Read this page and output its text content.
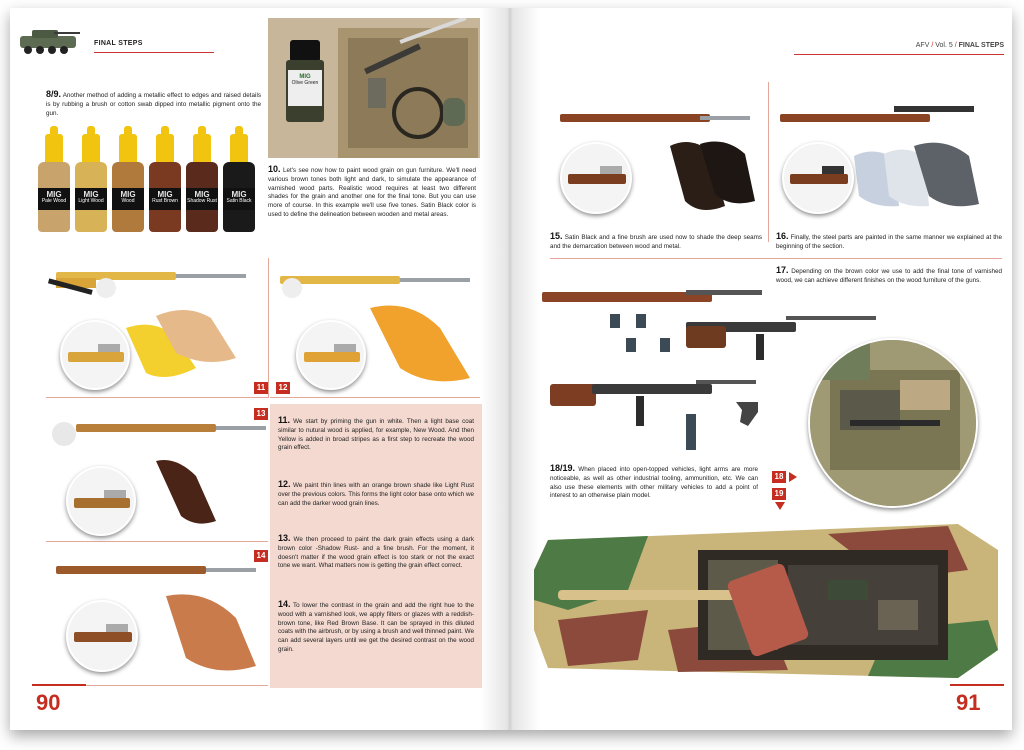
FINAL STEPS
8/9. Another method of adding a metallic effect to edges and raised details is by rubbing a brush or cotton swab dipped into metallic pigment onto the gun.
MIG
Pale Wood
MIG
Light Wood
MIG
Wood
MIG
Rust Brown
MIG
Shadow Rust
MIG
Satin Black
MIG
Olive Green
10. Let's see now how to paint wood grain on gun furniture. We'll need various brown tones both light and dark, to simulate the appearance of varnished wood parts. Realistic wood requires at least two different shades for the grain and another one for the final tone. But you can use more of course. In this example we'll use five tones. Satin Black color is used to define the delineation between wooden and metal areas.
11	12
13
14
11. We start by priming the gun in white. Then a light base coat similar to nutural wood is applied, for example, New Wood. And then Yellow is added in broad stripes as a first step to recreate the wood grain effect.
12. We paint thin lines with an orange brown shade like Light Rust over the previous colors. This forms the light color base onto which we can add the darker wood grain lines.
13. We then proceed to paint the dark grain effects using a dark brown color -Shadow Rust- and a fine brush. For the moment, it doesn't matter if the wood grain effect is too stark or not the exact tone we want. What matters now is getting the grain effect correct.
14. To lower the contrast in the grain and add the right hue to the wood with a varnished look, we apply filters or glazes with a reddish-brown tone, like Red Brown Base. It can be sprayed in this diluted coats with the airbrush, or by using a brush and well thinned paint. We can add several layers until we get the desired contrast on the wood grain.
90
AFV / Vol. 5 / FINAL STEPS
15. Satin Black and a fine brush are used now to shade the deep seams and the demarcation between wood and metal.
16. Finally, the steel parts are painted in the same manner we explained at the beginning of the section.
17. Depending on the brown color we use to add the final tone of varnished wood, we can achieve different finishes on the wood furniture of the guns.
18/19. When placed into open-topped vehicles, light arms are more noticeable, as well as other industrial tooling, ammunition, etc. We can also use these elements with other military vehicles to add a point of interest to an otherwise plain model.
18
19
91
